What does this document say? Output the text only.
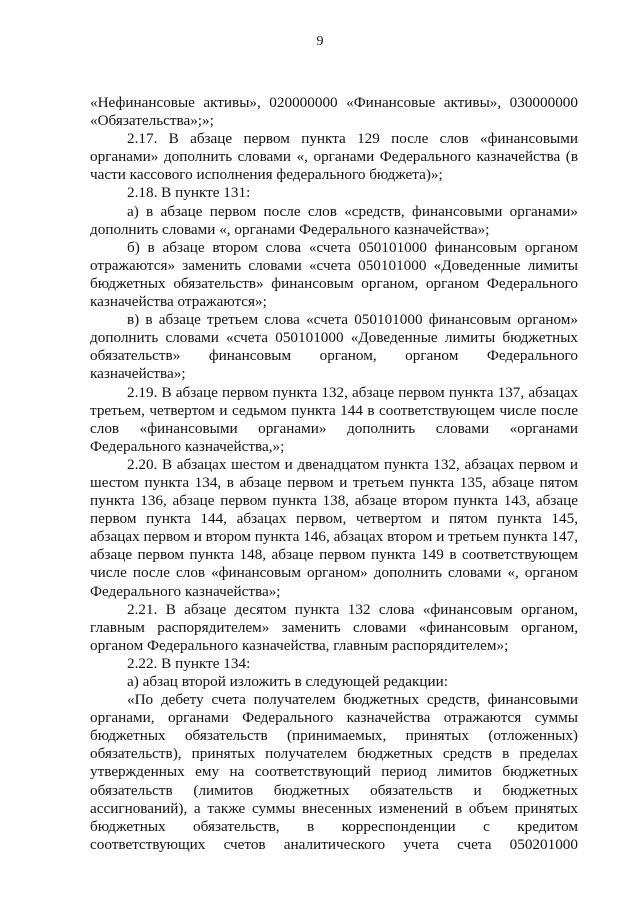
9

«Нефинансовые активы», 020000000 «Финансовые активы», 030000000 «Обязательства»;»;

2.17. В абзаце первом пункта 129 после слов «финансовыми органами» дополнить словами «, органами Федерального казначейства (в части кассового исполнения федерального бюджета)»;

2.18. В пункте 131:

а) в абзаце первом после слов «средств, финансовыми органами» дополнить словами «, органами Федерального казначейства»;

б) в абзаце втором слова «счета 050101000 финансовым органом отражаются» заменить словами «счета 050101000 «Доведенные лимиты бюджетных обязательств» финансовым органом, органом Федерального казначейства отражаются»;

в) в абзаце третьем слова «счета 050101000 финансовым органом» дополнить словами «счета 050101000 «Доведенные лимиты бюджетных обязательств» финансовым органом, органом Федерального казначейства»;

2.19. В абзаце первом пункта 132, абзаце первом пункта 137, абзацах третьем, четвертом и седьмом пункта 144 в соответствующем числе после слов «финансовыми органами» дополнить словами «органами Федерального казначейства,»;

2.20. В абзацах шестом и двенадцатом пункта 132, абзацах первом и шестом пункта 134, в абзаце первом и третьем пункта 135, абзаце пятом пункта 136, абзаце первом пункта 138, абзаце втором пункта 143, абзаце первом пункта 144, абзацах первом, четвертом и пятом пункта 145, абзацах первом и втором пункта 146, абзацах втором и третьем пункта 147, абзаце первом пункта 148, абзаце первом пункта 149 в соответствующем числе после слов «финансовым органом» дополнить словами «, органом Федерального казначейства»;

2.21. В абзаце десятом пункта 132 слова «финансовым органом, главным распорядителем» заменить словами «финансовым органом, органом Федерального казначейства, главным распорядителем»;

2.22. В пункте 134:

а) абзац второй изложить в следующей редакции:

«По дебету счета получателем бюджетных средств, финансовыми органами, органами Федерального казначейства отражаются суммы бюджетных обязательств (принимаемых, принятых (отложенных) обязательств), принятых получателем бюджетных средств в пределах утвержденных ему на соответствующий период лимитов бюджетных обязательств (лимитов бюджетных обязательств и бюджетных ассигнований), а также суммы внесенных изменений в объем принятых бюджетных обязательств, в корреспонденции с кредитом соответствующих счетов аналитического учета счета 050201000
